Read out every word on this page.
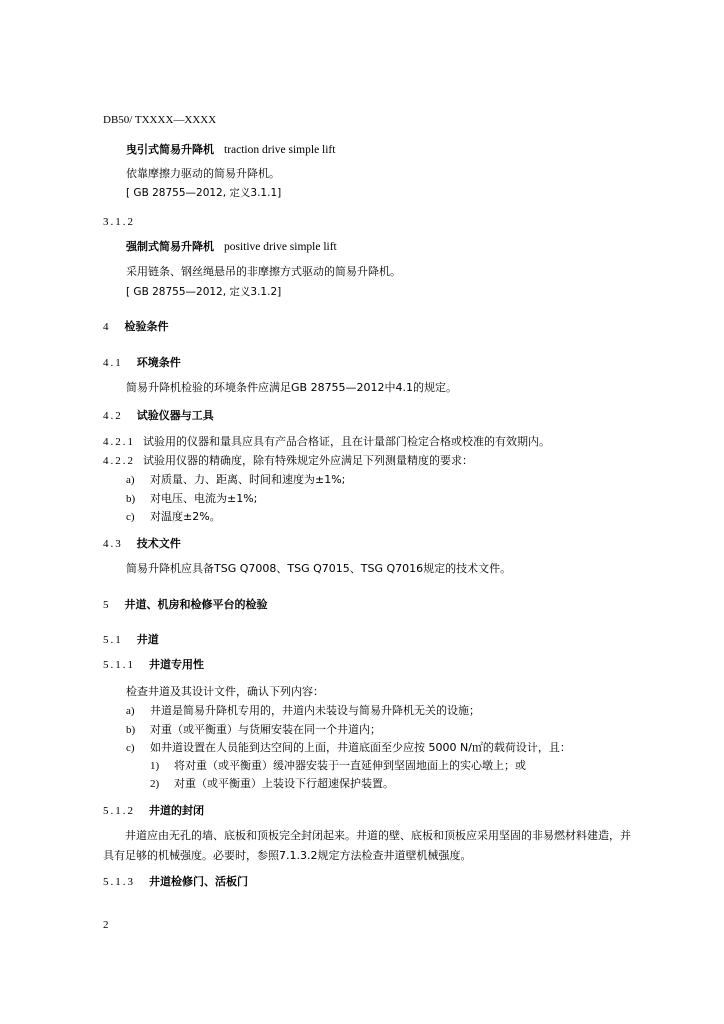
DB50/ TXXXX—XXXX
曳引式简易升降机 traction drive simple lift
依靠摩擦力驱动的简易升降机。
[ GB 28755—2012, 定义3.1.1]
3.1.2
强制式简易升降机 positive drive simple lift
采用链条、钢丝绳悬吊的非摩擦方式驱动的简易升降机。
[ GB 28755—2012, 定义3.1.2]
4 检验条件
4.1 环境条件
简易升降机检验的环境条件应满足GB 28755—2012中4.1的规定。
4.2 试验仪器与工具
4.2.1 试验用的仪器和量具应具有产品合格证，且在计量部门检定合格或校准的有效期内。
4.2.2 试验用仪器的精确度，除有特殊规定外应满足下列测量精度的要求：
a) 对质量、力、距离、时间和速度为±1%;
b) 对电压、电流为±1%;
c) 对温度±2%。
4.3 技术文件
简易升降机应具备TSG Q7008、TSG Q7015、TSG Q7016规定的技术文件。
5 井道、机房和检修平台的检验
5.1 井道
5.1.1 井道专用性
检查井道及其设计文件，确认下列内容：
a) 井道是简易升降机专用的，井道内未装设与简易升降机无关的设施；
b) 对重（或平衡重）与货厢安装在同一个井道内；
c) 如井道设置在人员能到达空间的上面，井道底面至少应按 5000 N/㎡的载荷设计，且：
1) 将对重（或平衡重）缓冲器安装于一直延伸到坚固地面上的实心墩上；或
2) 对重（或平衡重）上装设下行超速保护装置。
5.1.2 井道的封闭
井道应由无孔的墙、底板和顶板完全封闭起来。井道的壁、底板和顶板应采用坚固的非易燃材料建造，并具有足够的机械强度。必要时，参照7.1.3.2规定方法检查井道壁机械强度。
5.1.3 井道检修门、活板门
2
